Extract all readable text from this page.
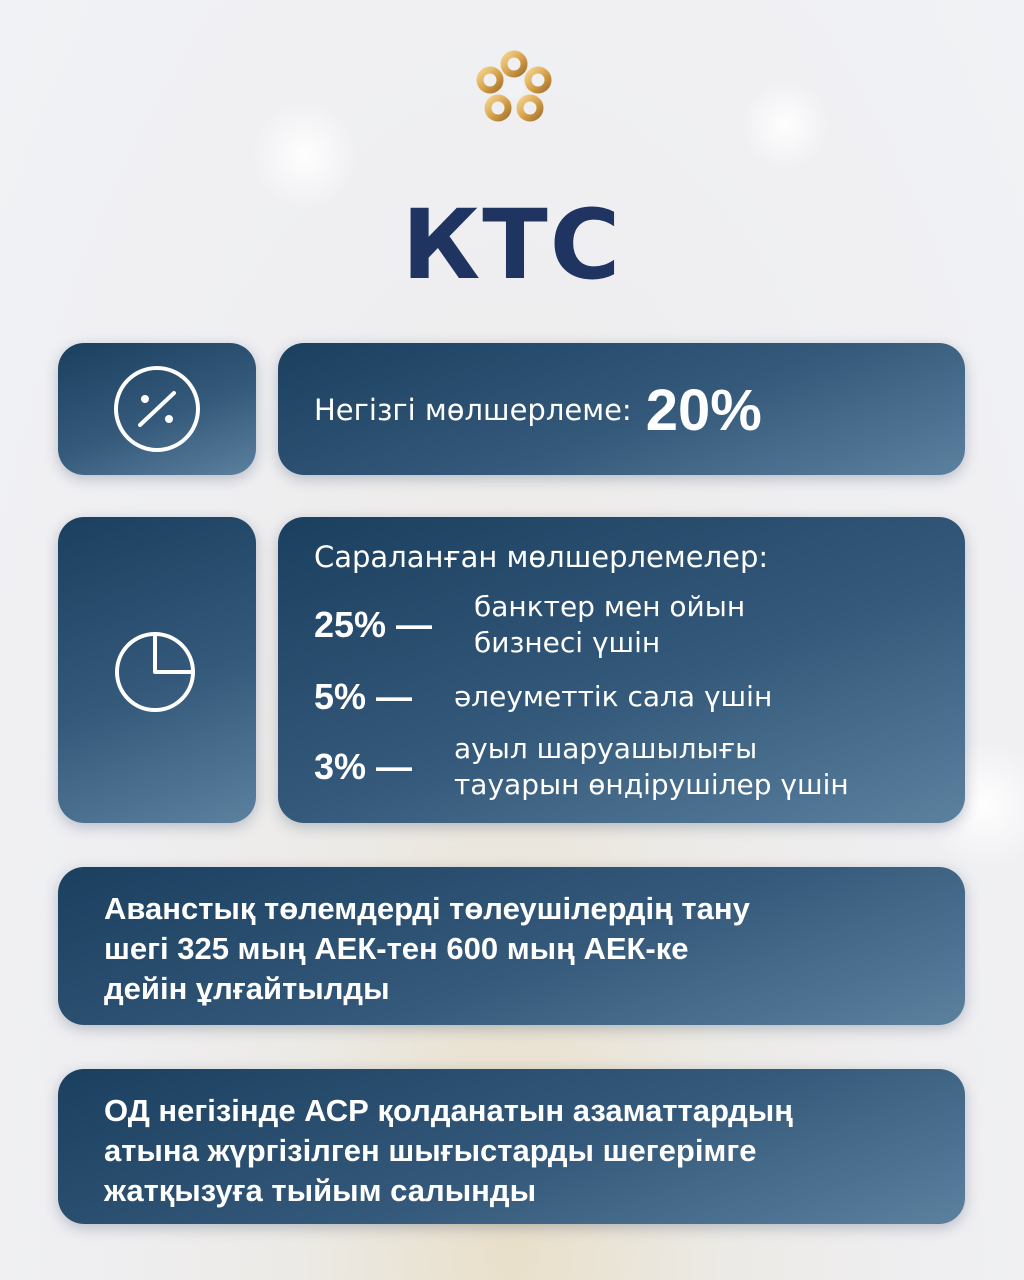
КТС
Негізгі мөлшерлеме: 20%
Сараланған мөлшерлемелер:
25% —	банктер мен ойын
бизнесі үшін
5% —	әлеуметтік сала үшін
3% —	ауыл шаруашылығы
тауарын өндірушілер үшін
Аванстық төлемдерді төлеушілердің тану
шегі 325 мың АЕК-тен 600 мың АЕК-ке
дейін ұлғайтылды
ОД негізінде АСР қолданатын азаматтардың
атына жүргізілген шығыстарды шегерімге
жатқызуға тыйым салынды
